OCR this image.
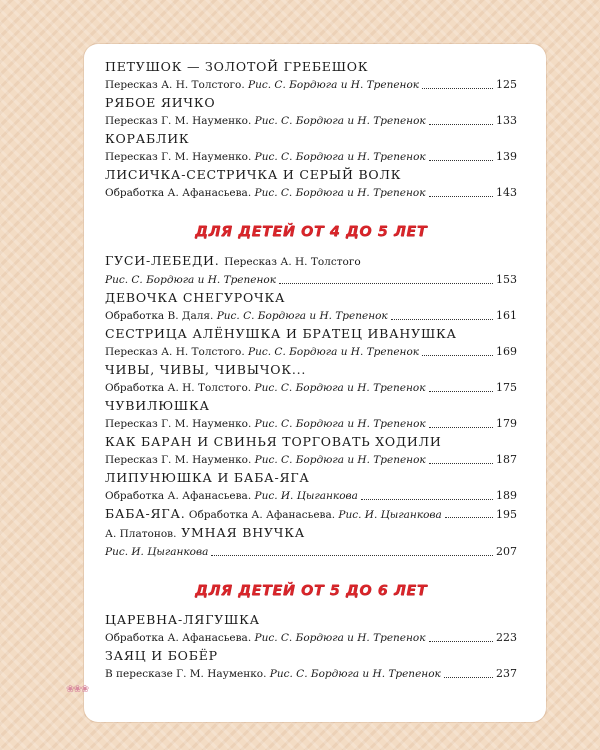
ПЕТУШОК — ЗОЛОТОЙ ГРЕБЕШОК
Пересказ А. Н. Толстого. Рис. С. Бордюга и Н. Трепенок	125
РЯБОЕ ЯИЧКО
Пересказ Г. М. Науменко. Рис. С. Бордюга и Н. Трепенок	133
КОРАБЛИК
Пересказ Г. М. Науменко. Рис. С. Бордюга и Н. Трепенок	139
ЛИСИЧКА-СЕСТРИЧКА И СЕРЫЙ ВОЛК
Обработка А. Афанасьева. Рис. С. Бордюга и Н. Трепенок	143
ДЛЯ ДЕТЕЙ ОТ 4 ДО 5 ЛЕТ
ГУСИ-ЛЕБЕДИ. Пересказ А. Н. Толстого
Рис. С. Бордюга и Н. Трепенок	153
ДЕВОЧКА СНЕГУРОЧКА
Обработка В. Даля. Рис. С. Бордюга и Н. Трепенок	161
СЕСТРИЦА АЛЁНУШКА И БРАТЕЦ ИВАНУШКА
Пересказ А. Н. Толстого. Рис. С. Бордюга и Н. Трепенок	169
ЧИВЫ, ЧИВЫ, ЧИВЫЧОК...
Обработка А. Н. Толстого. Рис. С. Бордюга и Н. Трепенок	175
ЧУВИЛЮШКА
Пересказ Г. М. Науменко. Рис. С. Бордюга и Н. Трепенок	179
КАК БАРАН И СВИНЬЯ ТОРГОВАТЬ ХОДИЛИ
Пересказ Г. М. Науменко. Рис. С. Бордюга и Н. Трепенок	187
ЛИПУНЮШКА И БАБА-ЯГА
Обработка А. Афанасьева. Рис. И. Цыганкова	189
БАБА-ЯГА. Обработка А. Афанасьева. Рис. И. Цыганкова	195
А. Платонов. УМНАЯ ВНУЧКА
Рис. И. Цыганкова	207
ДЛЯ ДЕТЕЙ ОТ 5 ДО 6 ЛЕТ
ЦАРЕВНА-ЛЯГУШКА
Обработка А. Афанасьева. Рис. С. Бордюга и Н. Трепенок	223
ЗАЯЦ И БОБЁР
В пересказе Г. М. Науменко. Рис. С. Бордюга и Н. Трепенок	237
❀❀❀
